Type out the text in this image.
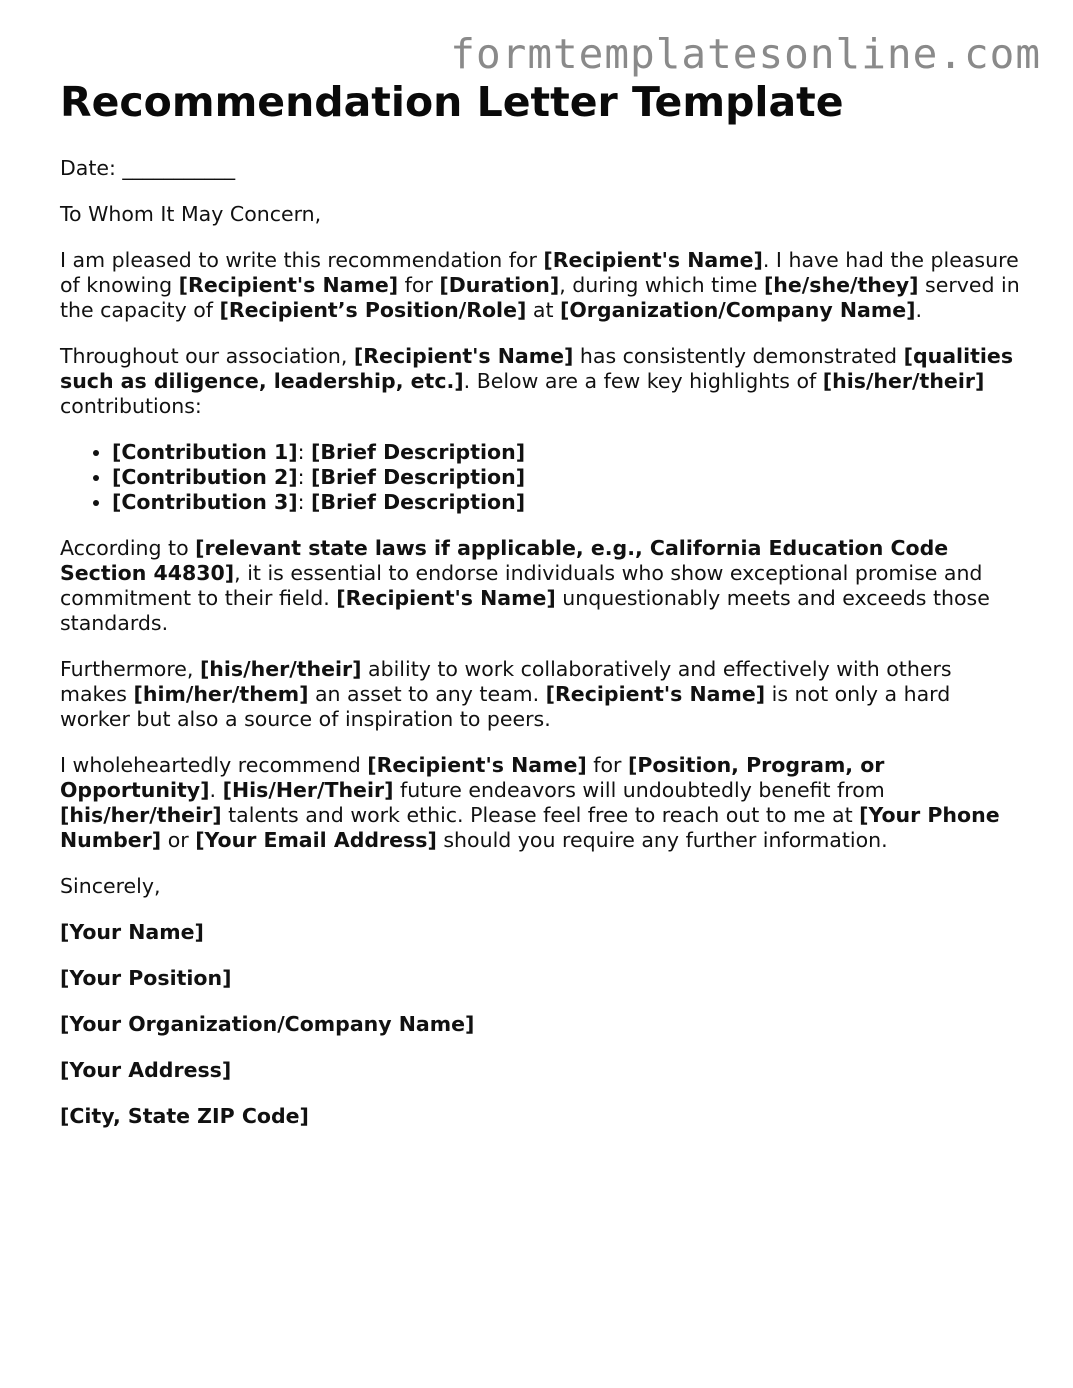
formtemplatesonline.com
Recommendation Letter Template

Date: ___________

To Whom It May Concern,

I am pleased to write this recommendation for [Recipient's Name]. I have had the pleasure of knowing [Recipient's Name] for [Duration], during which time [he/she/they] served in the capacity of [Recipient’s Position/Role] at [Organization/Company Name].

Throughout our association, [Recipient's Name] has consistently demonstrated [qualities such as diligence, leadership, etc.]. Below are a few key highlights of [his/her/their] contributions:

• [Contribution 1]: [Brief Description]
• [Contribution 2]: [Brief Description]
• [Contribution 3]: [Brief Description]

According to [relevant state laws if applicable, e.g., California Education Code Section 44830], it is essential to endorse individuals who show exceptional promise and commitment to their field. [Recipient's Name] unquestionably meets and exceeds those standards.

Furthermore, [his/her/their] ability to work collaboratively and effectively with others makes [him/her/them] an asset to any team. [Recipient's Name] is not only a hard worker but also a source of inspiration to peers.

I wholeheartedly recommend [Recipient's Name] for [Position, Program, or Opportunity]. [His/Her/Their] future endeavors will undoubtedly benefit from [his/her/their] talents and work ethic. Please feel free to reach out to me at [Your Phone Number] or [Your Email Address] should you require any further information.

Sincerely,

[Your Name]
[Your Position]
[Your Organization/Company Name]
[Your Address]
[City, State ZIP Code]
